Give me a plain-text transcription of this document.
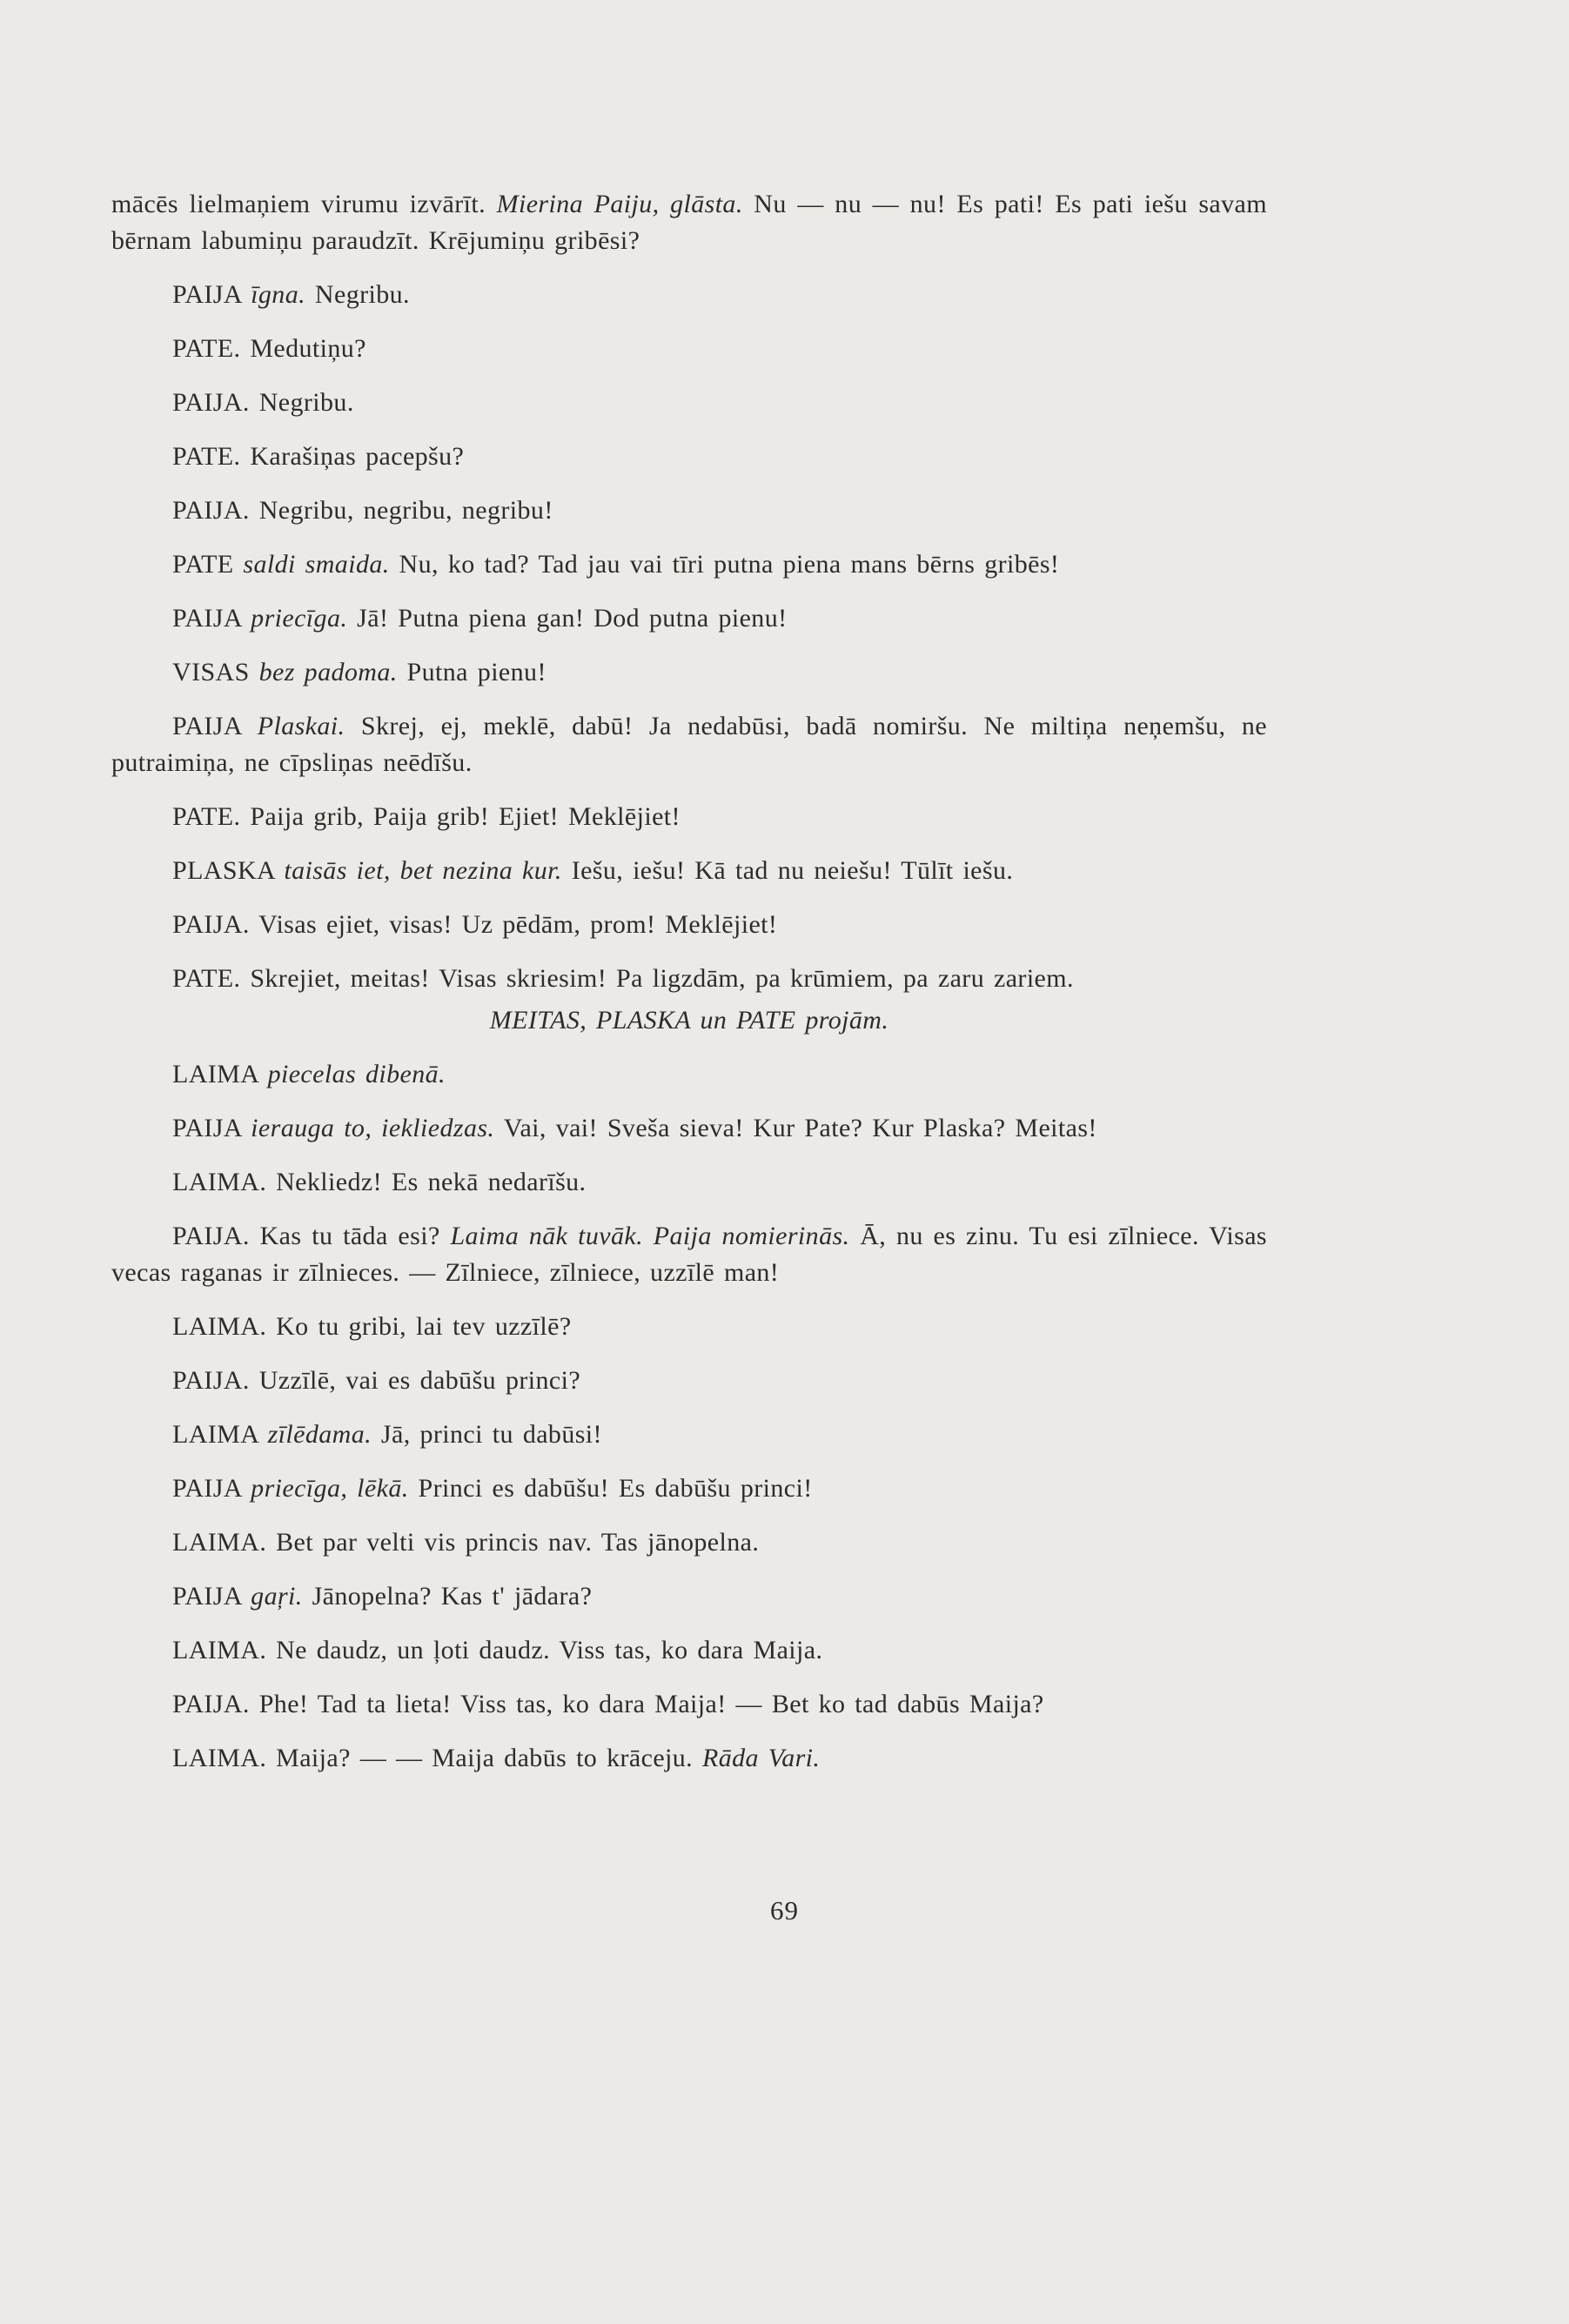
mācēs lielmaņiem virumu izvārīt. Mierina Paiju, glāsta. Nu — nu — nu! Es pati! Es pati iešu savam bērnam labumiņu paraudzīt. Krējumiņu gribēsi?

PAIJA īgna. Negribu.

PATE. Medutiņu?

PAIJA. Negribu.

PATE. Karašiņas pacepšu?

PAIJA. Negribu, negribu, negribu!

PATE saldi smaida. Nu, ko tad? Tad jau vai tīri putna piena mans bērns gribēs!

PAIJA priecīga. Jā! Putna piena gan! Dod putna pienu!

VISAS bez padoma. Putna pienu!

PAIJA Plaskai. Skrej, ej, meklē, dabū! Ja nedabūsi, badā nomiršu. Ne miltiņa neņemšu, ne putraimiņa, ne cīpsliņas neēdīšu.

PATE. Paija grib, Paija grib! Ejiet! Meklējiet!

PLASKA taisās iet, bet nezina kur. Iešu, iešu! Kā tad nu neiešu! Tūlīt iešu.

PAIJA. Visas ejiet, visas! Uz pēdām, prom! Meklējiet!

PATE. Skrejiet, meitas! Visas skriesim! Pa ligzdām, pa krūmiem, pa zaru zariem.

MEITAS, PLASKA un PATE projām.

LAIMA piecelas dibenā.

PAIJA ierauga to, iekliedzas. Vai, vai! Sveša sieva! Kur Pate? Kur Plaska? Meitas!

LAIMA. Nekliedz! Es nekā nedarīšu.

PAIJA. Kas tu tāda esi? Laima nāk tuvāk. Paija nomierinās. Ā, nu es zinu. Tu esi zīlniece. Visas vecas raganas ir zīlnieces. — Zīlniece, zīlniece, uzzīlē man!

LAIMA. Ko tu gribi, lai tev uzzīlē?

PAIJA. Uzzīlē, vai es dabūšu princi?

LAIMA zīlēdama. Jā, princi tu dabūsi!

PAIJA priecīga, lēkā. Princi es dabūšu! Es dabūšu princi!

LAIMA. Bet par velti vis princis nav. Tas jānopelna.

PAIJA gaŗi. Jānopelna? Kas t' jādara?

LAIMA. Ne daudz, un ļoti daudz. Viss tas, ko dara Maija.

PAIJA. Phe! Tad ta lieta! Viss tas, ko dara Maija! — Bet ko tad dabūs Maija?

LAIMA. Maija? — — Maija dabūs to krāceju. Rāda Vari.

69
